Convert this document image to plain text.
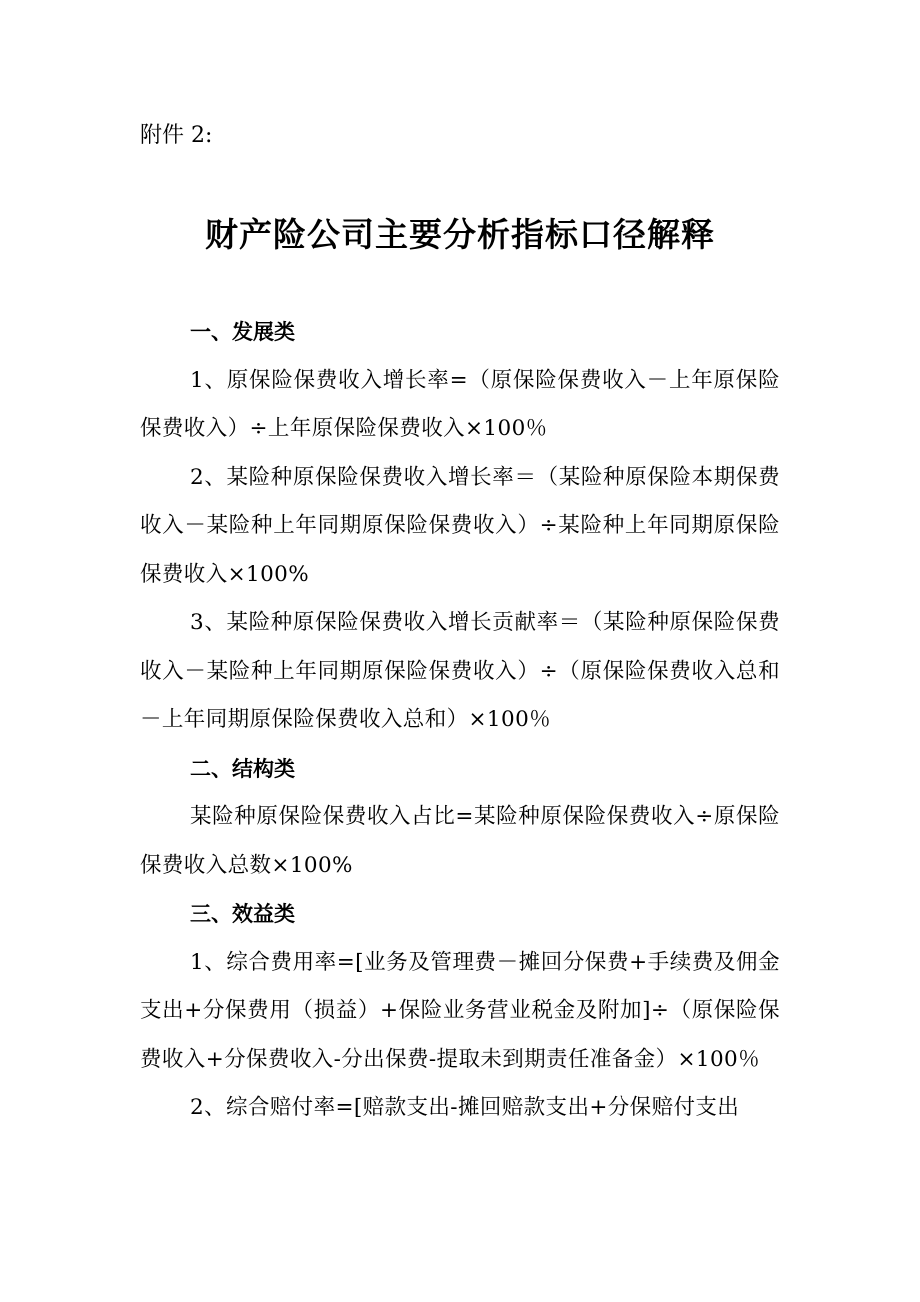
附件 2:
财产险公司主要分析指标口径解释

一、发展类

1、原保险保费收入增长率=（原保险保费收入－上年原保险保费收入）÷上年原保险保费收入×100％

2、某险种原保险保费收入增长率＝（某险种原保险本期保费收入－某险种上年同期原保险保费收入）÷某险种上年同期原保险保费收入×100%

3、某险种原保险保费收入增长贡献率＝（某险种原保险保费收入－某险种上年同期原保险保费收入）÷（原保险保费收入总和－上年同期原保险保费收入总和）×100％

二、结构类

某险种原保险保费收入占比=某险种原保险保费收入÷原保险保费收入总数×100%

三、效益类

1、综合费用率=[业务及管理费－摊回分保费+手续费及佣金支出+分保费用（损益）+保险业务营业税金及附加]÷（原保险保费收入+分保费收入-分出保费-提取未到期责任准备金）×100％

2、综合赔付率=[赔款支出-摊回赔款支出+分保赔付支出
